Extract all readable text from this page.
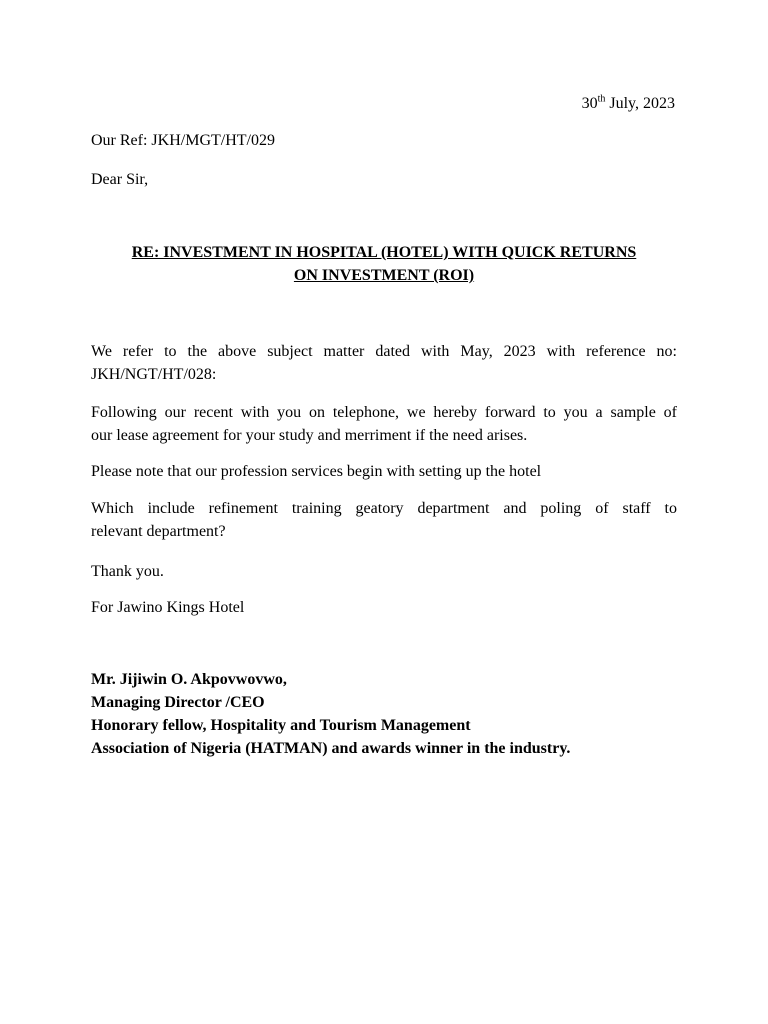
30th July, 2023
Our Ref: JKH/MGT/HT/029
Dear Sir,
RE: INVESTMENT IN HOSPITAL (HOTEL) WITH QUICK RETURNS
ON INVESTMENT (ROI)
We refer to the above subject matter dated with May, 2023 with reference no:
JKH/NGT/HT/028:
Following our recent with you on telephone, we hereby forward to you a sample of
our lease agreement for your study and merriment if the need arises.
Please note that our profession services begin with setting up the hotel
Which include refinement training geatory department and poling of staff to
relevant department?
Thank you.
For Jawino Kings Hotel
Mr. Jijiwin O. Akpovwovwo,
Managing Director /CEO
Honorary fellow, Hospitality and Tourism Management
Association of Nigeria (HATMAN) and awards winner in the industry.
